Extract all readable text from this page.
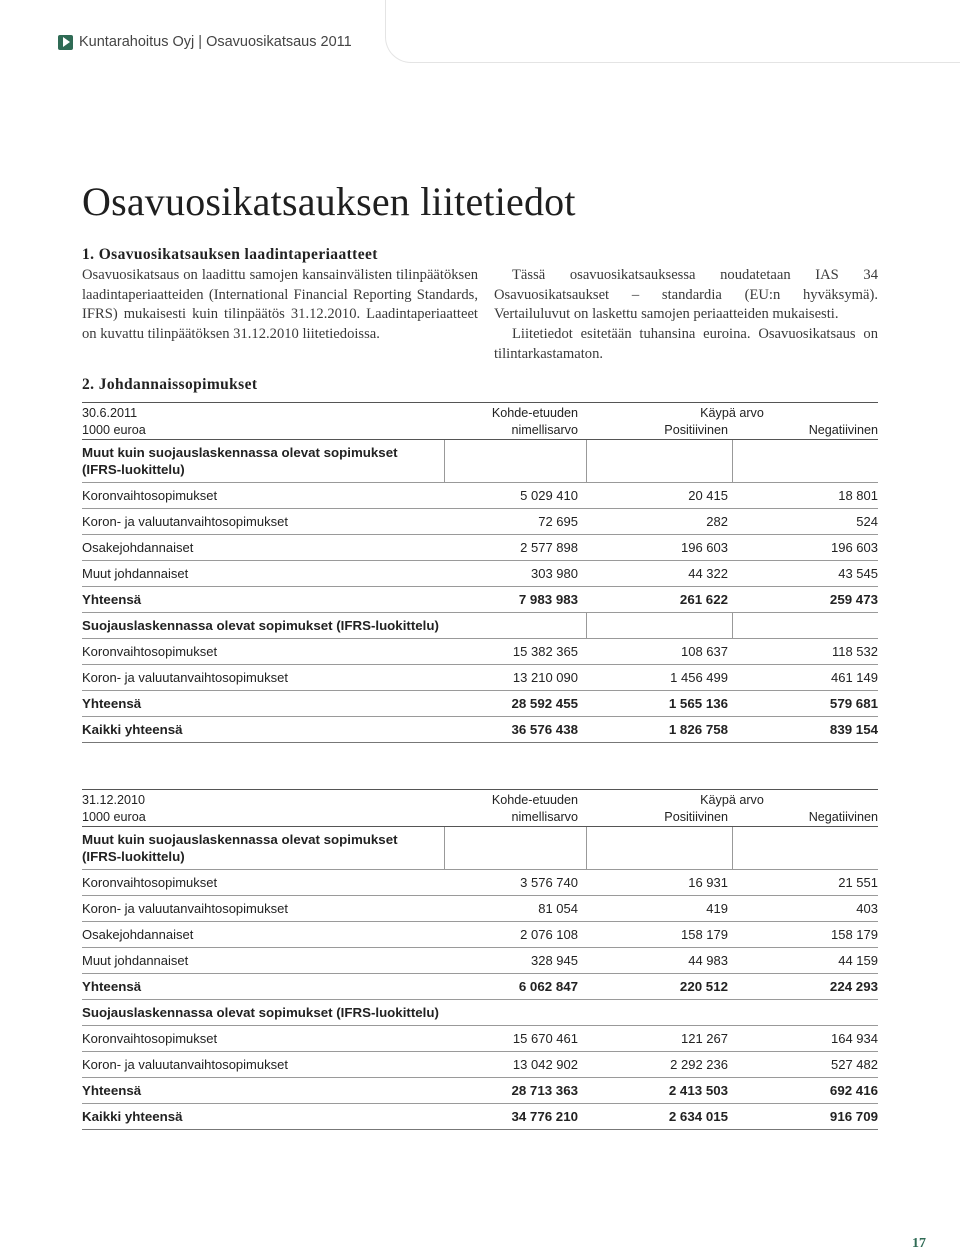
Kuntarahoitus Oyj | Osavuosikatsaus 2011
Osavuosikatsauksen liitetiedot
1. Osavuosikatsauksen laadintaperiaatteet

Osavuosikatsaus on laadittu samojen kansainvälisten tilinpäätöksen laadintaperiaatteiden (International Financial Reporting Standards, IFRS) mukaisesti kuin tilinpäätös 31.12.2010. Laadintaperiaatteet on kuvattu tilinpäätöksen 31.12.2010 liitetiedoissa.

Tässä osavuosikatsauksessa noudatetaan IAS 34 Osavuosikatsaukset – standardia (EU:n hyväksymä). Vertailuluvut on laskettu samojen periaatteiden mukaisesti.

Liitetiedot esitetään tuhansina euroina. Osavuosikatsaus on tilintarkastamaton.

2. Johdannaissopimukset
30.6.2011	Kohde-etuuden	Käypä arvo	
1000 euroa	nimellisarvo	Positiivinen	Negatiivinen
Muut kuin suojauslaskennassa olevat sopimukset
(IFRS-luokittelu)			
Koronvaihtosopimukset	5 029 410	20 415	18 801
Koron- ja valuutanvaihtosopimukset	72 695	282	524
Osakejohdannaiset	2 577 898	196 603	196 603
Muut johdannaiset	303 980	44 322	43 545
Yhteensä	7 983 983	261 622	259 473
Suojauslaskennassa olevat sopimukset (IFRS-luokittelu)			
Koronvaihtosopimukset	15 382 365	108 637	118 532
Koron- ja valuutanvaihtosopimukset	13 210 090	1 456 499	461 149
Yhteensä	28 592 455	1 565 136	579 681
Kaikki yhteensä	36 576 438	1 826 758	839 154
31.12.2010	Kohde-etuuden	Käypä arvo	
1000 euroa	nimellisarvo	Positiivinen	Negatiivinen
Muut kuin suojauslaskennassa olevat sopimukset
(IFRS-luokittelu)			
Koronvaihtosopimukset	3 576 740	16 931	21 551
Koron- ja valuutanvaihtosopimukset	81 054	419	403
Osakejohdannaiset	2 076 108	158 179	158 179
Muut johdannaiset	328 945	44 983	44 159
Yhteensä	6 062 847	220 512	224 293
Suojauslaskennassa olevat sopimukset (IFRS-luokittelu)			
Koronvaihtosopimukset	15 670 461	121 267	164 934
Koron- ja valuutanvaihtosopimukset	13 042 902	2 292 236	527 482
Yhteensä	28 713 363	2 413 503	692 416
Kaikki yhteensä	34 776 210	2 634 015	916 709
17
